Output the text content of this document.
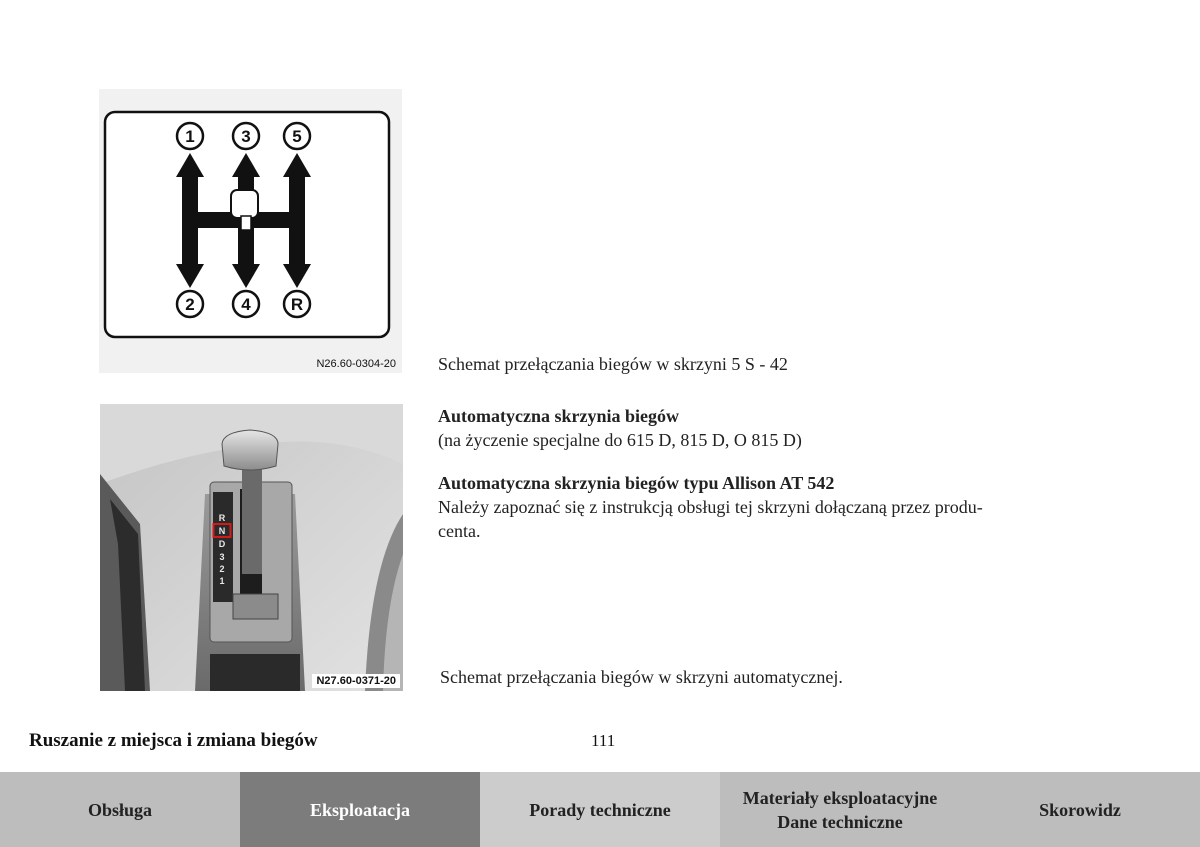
1	3 5
2	4 R
N26.60-0304-20
R
N
D
3
2
1
N27.60-0371-20
Schemat przełączania biegów w skrzyni 5 S - 42
Automatyczna skrzynia biegów
(na życzenie specjalne do 615 D, 815 D, O 815 D)
Automatyczna skrzynia biegów typu Allison AT 542
Należy zapoznać się z instrukcją obsługi tej skrzyni dołączaną przez produ-
centa.
Schemat przełączania biegów w skrzyni automatycznej.
Ruszanie z miejsca i zmiana biegów	111
Obsługa	Eksploatacja	Porady techniczne
Materiały eksploatacyjne
Dane techniczne
Skorowidz
